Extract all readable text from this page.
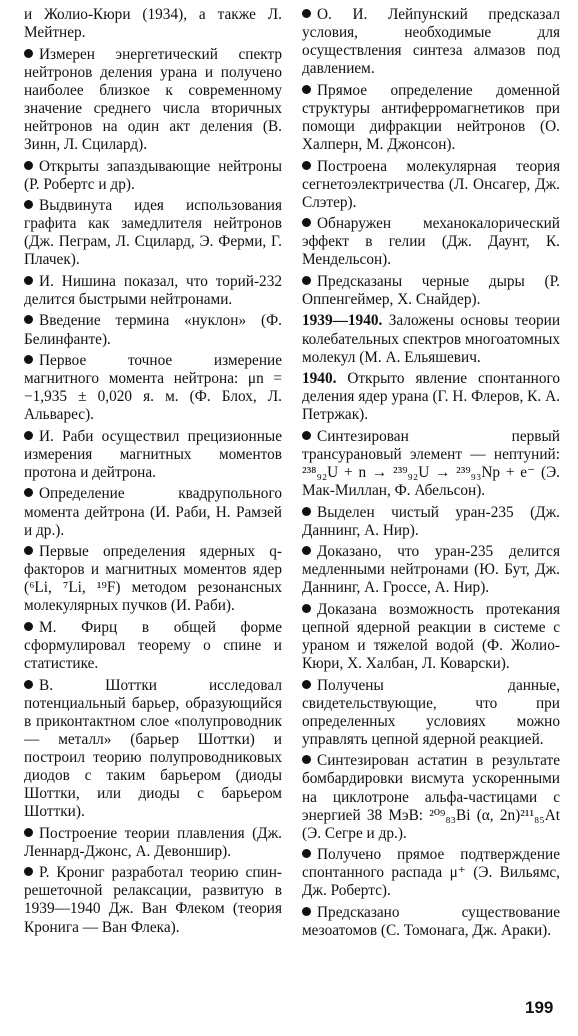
и Жолио-Кюри (1934), а также Л. Мейтнер.

Измерен энергетический спектр нейтронов деления урана и получено наиболее близкое к современному значение среднего числа вторичных нейтронов на один акт деления (В. Зинн, Л. Сцилард).

Открыты запаздывающие нейтроны (Р. Робертс и др).

Выдвинута идея использования графита как замедлителя нейтронов (Дж. Пеграм, Л. Сцилард, Э. Ферми, Г. Плачек).

И. Нишина показал, что торий-232 делится быстрыми нейтронами.

Введение термина «нуклон» (Ф. Белинфанте).

Первое точное измерение магнитного момента нейтрона: μn = −1,935 ± 0,020 я. м. (Ф. Блох, Л. Альварес).

И. Раби осуществил прецизионные измерения магнитных моментов протона и дейтрона.

Определение квадрупольного момента дейтрона (И. Раби, Н. Рамзей и др.).

Первые определения ядерных q-факторов и магнитных моментов ядер (⁶Li, ⁷Li, ¹⁹F) методом резонансных молекулярных пучков (И. Раби).

М. Фирц в общей форме сформулировал теорему о спине и статистике.

В. Шоттки исследовал потенциальный барьер, образующийся в приконтактном слое «полупроводник — металл» (барьер Шоттки) и построил теорию полупроводниковых диодов с таким барьером (диоды Шоттки, или диоды с барьером Шоттки).

Построение теории плавления (Дж. Леннард-Джонс, А. Девоншир).

Р. Крониг разработал теорию спин-решеточной релаксации, развитую в 1939—1940 Дж. Ван Флеком (теория Кронига — Ван Флека).

О. И. Лейпунский предсказал условия, необходимые для осуществления синтеза алмазов под давлением.

Прямое определение доменной структуры антиферромагнетиков при помощи дифракции нейтронов (О. Халперн, М. Джонсон).

Построена молекулярная теория сегнетоэлектричества (Л. Онсагер, Дж. Слэтер).

Обнаружен механокалорический эффект в гелии (Дж. Даунт, К. Мендельсон).

Предсказаны черные дыры (Р. Оппенгеймер, Х. Снайдер).

1939—1940. Заложены основы теории колебательных спектров многоатомных молекул (М. А. Ельяшевич.

1940. Открыто явление спонтанного деления ядер урана (Г. Н. Флеров, К. А. Петржак).

Синтезирован первый трансурановый элемент — нептуний: ²³⁸₉₂U + n → ²³⁹₉₂U → ²³⁹₉₃Np + e⁻ (Э. Мак-Миллан, Ф. Абельсон).

Выделен чистый уран-235 (Дж. Даннинг, А. Нир).

Доказано, что уран-235 делится медленными нейтронами (Ю. Бут, Дж. Даннинг, А. Гроссе, А. Нир).

Доказана возможность протекания цепной ядерной реакции в системе с ураном и тяжелой водой (Ф. Жолио-Кюри, Х. Халбан, Л. Коварски).

Получены данные, свидетельствующие, что при определенных условиях можно управлять цепной ядерной реакцией.

Синтезирован астатин в результате бомбардировки висмута ускоренными на циклотроне альфа-частицами с энергией 38 МэВ: ²⁰⁹₈₃Bi (α, 2n)²¹¹₈₅At (Э. Сегре и др.).

Получено прямое подтверждение спонтанного распада μ⁺ (Э. Вильямс, Дж. Робертс).

Предсказано существование мезоатомов (С. Томонага, Дж. Араки).

199
